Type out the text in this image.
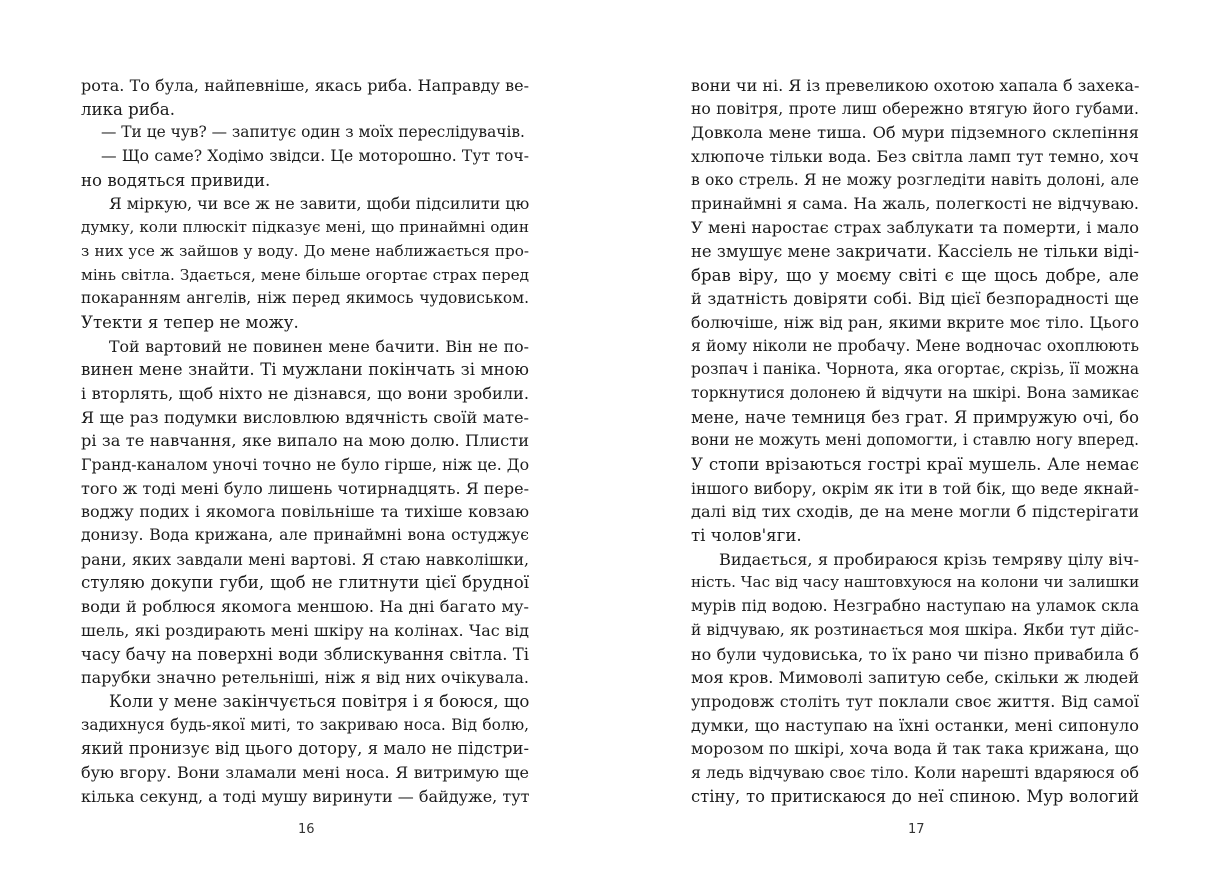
рота. То була, найпевніше, якась риба. Направду ве-
лика риба.
— Ти це чув? — запитує один з моїх переслідувачів.
— Що саме? Ходімо звідси. Це моторошно. Тут точ-
но водяться привиди.
Я міркую, чи все ж не завити, щоби підсилити цю
думку, коли плюскіт підказує мені, що принаймні один
з них усе ж зайшов у воду. До мене наближається про-
мінь світла. Здається, мене більше огортає страх перед
покаранням ангелів, ніж перед якимось чудовиськом.
Утекти я тепер не можу.
Той вартовий не повинен мене бачити. Він не по-
винен мене знайти. Ті мужлани покінчать зі мною
і вторлять, щоб ніхто не дізнався, що вони зробили.
Я ще раз подумки висловлюю вдячність своїй мате-
рі за те навчання, яке випало на мою долю. Плисти
Гранд-каналом уночі точно не було гірше, ніж це. До
того ж тоді мені було лишень чотирнадцять. Я пере-
воджу подих і якомога повільніше та тихіше ковзаю
донизу. Вода крижана, але принаймні вона остуджує
рани, яких завдали мені вартові. Я стаю навколішки,
стуляю докупи губи, щоб не глитнути цієї брудної
води й роблюся якомога меншою. На дні багато му-
шель, які роздирають мені шкіру на колінах. Час від
часу бачу на поверхні води зблискування світла. Ті
парубки значно ретельніші, ніж я від них очікувала.
Коли у мене закінчується повітря і я боюся, що
задихнуся будь-якої миті, то закриваю носа. Від болю,
який пронизує від цього дотору, я мало не підстри-
бую вгору. Вони зламали мені носа. Я витримую ще
кілька секунд, а тоді мушу виринути — байдуже, тут
вони чи ні. Я із превеликою охотою хапала б захека-
но повітря, проте лиш обережно втягую його губами.
Довкола мене тиша. Об мури підземного склепіння
хлюпоче тільки вода. Без світла ламп тут темно, хоч
в око стрель. Я не можу розгледіти навіть долоні, але
принаймні я сама. На жаль, полегкості не відчуваю.
У мені наростає страх заблукати та померти, і мало
не змушує мене закричати. Кассіель не тільки віді-
брав віру, що у моєму світі є ще щось добре, але
й здатність довіряти собі. Від цієї безпорадності ще
болючіше, ніж від ран, якими вкрите моє тіло. Цього
я йому ніколи не пробачу. Мене водночас охоплюють
розпач і паніка. Чорнота, яка огортає, скрізь, її можна
торкнутися долонею й відчути на шкірі. Вона замикає
мене, наче темниця без грат. Я примружую очі, бо
вони не можуть мені допомогти, і ставлю ногу вперед.
У стопи врізаються гострі краї мушель. Але немає
іншого вибору, окрім як іти в той бік, що веде якнай-
далі від тих сходів, де на мене могли б підстерігати
ті чолов'яги.
Видається, я пробираюся крізь темряву цілу віч-
ність. Час від часу наштовхуюся на колони чи залишки
мурів під водою. Незграбно наступаю на уламок скла
й відчуваю, як розтинається моя шкіра. Якби тут дійс-
но були чудовиська, то їх рано чи пізно привабила б
моя кров. Мимоволі запитую себе, скільки ж людей
упродовж століть тут поклали своє життя. Від самої
думки, що наступаю на їхні останки, мені сипонуло
морозом по шкірі, хоча вода й так така крижана, що
я ледь відчуваю своє тіло. Коли нарешті вдаряюся об
стіну, то притискаюся до неї спиною. Мур вологий
16	17
